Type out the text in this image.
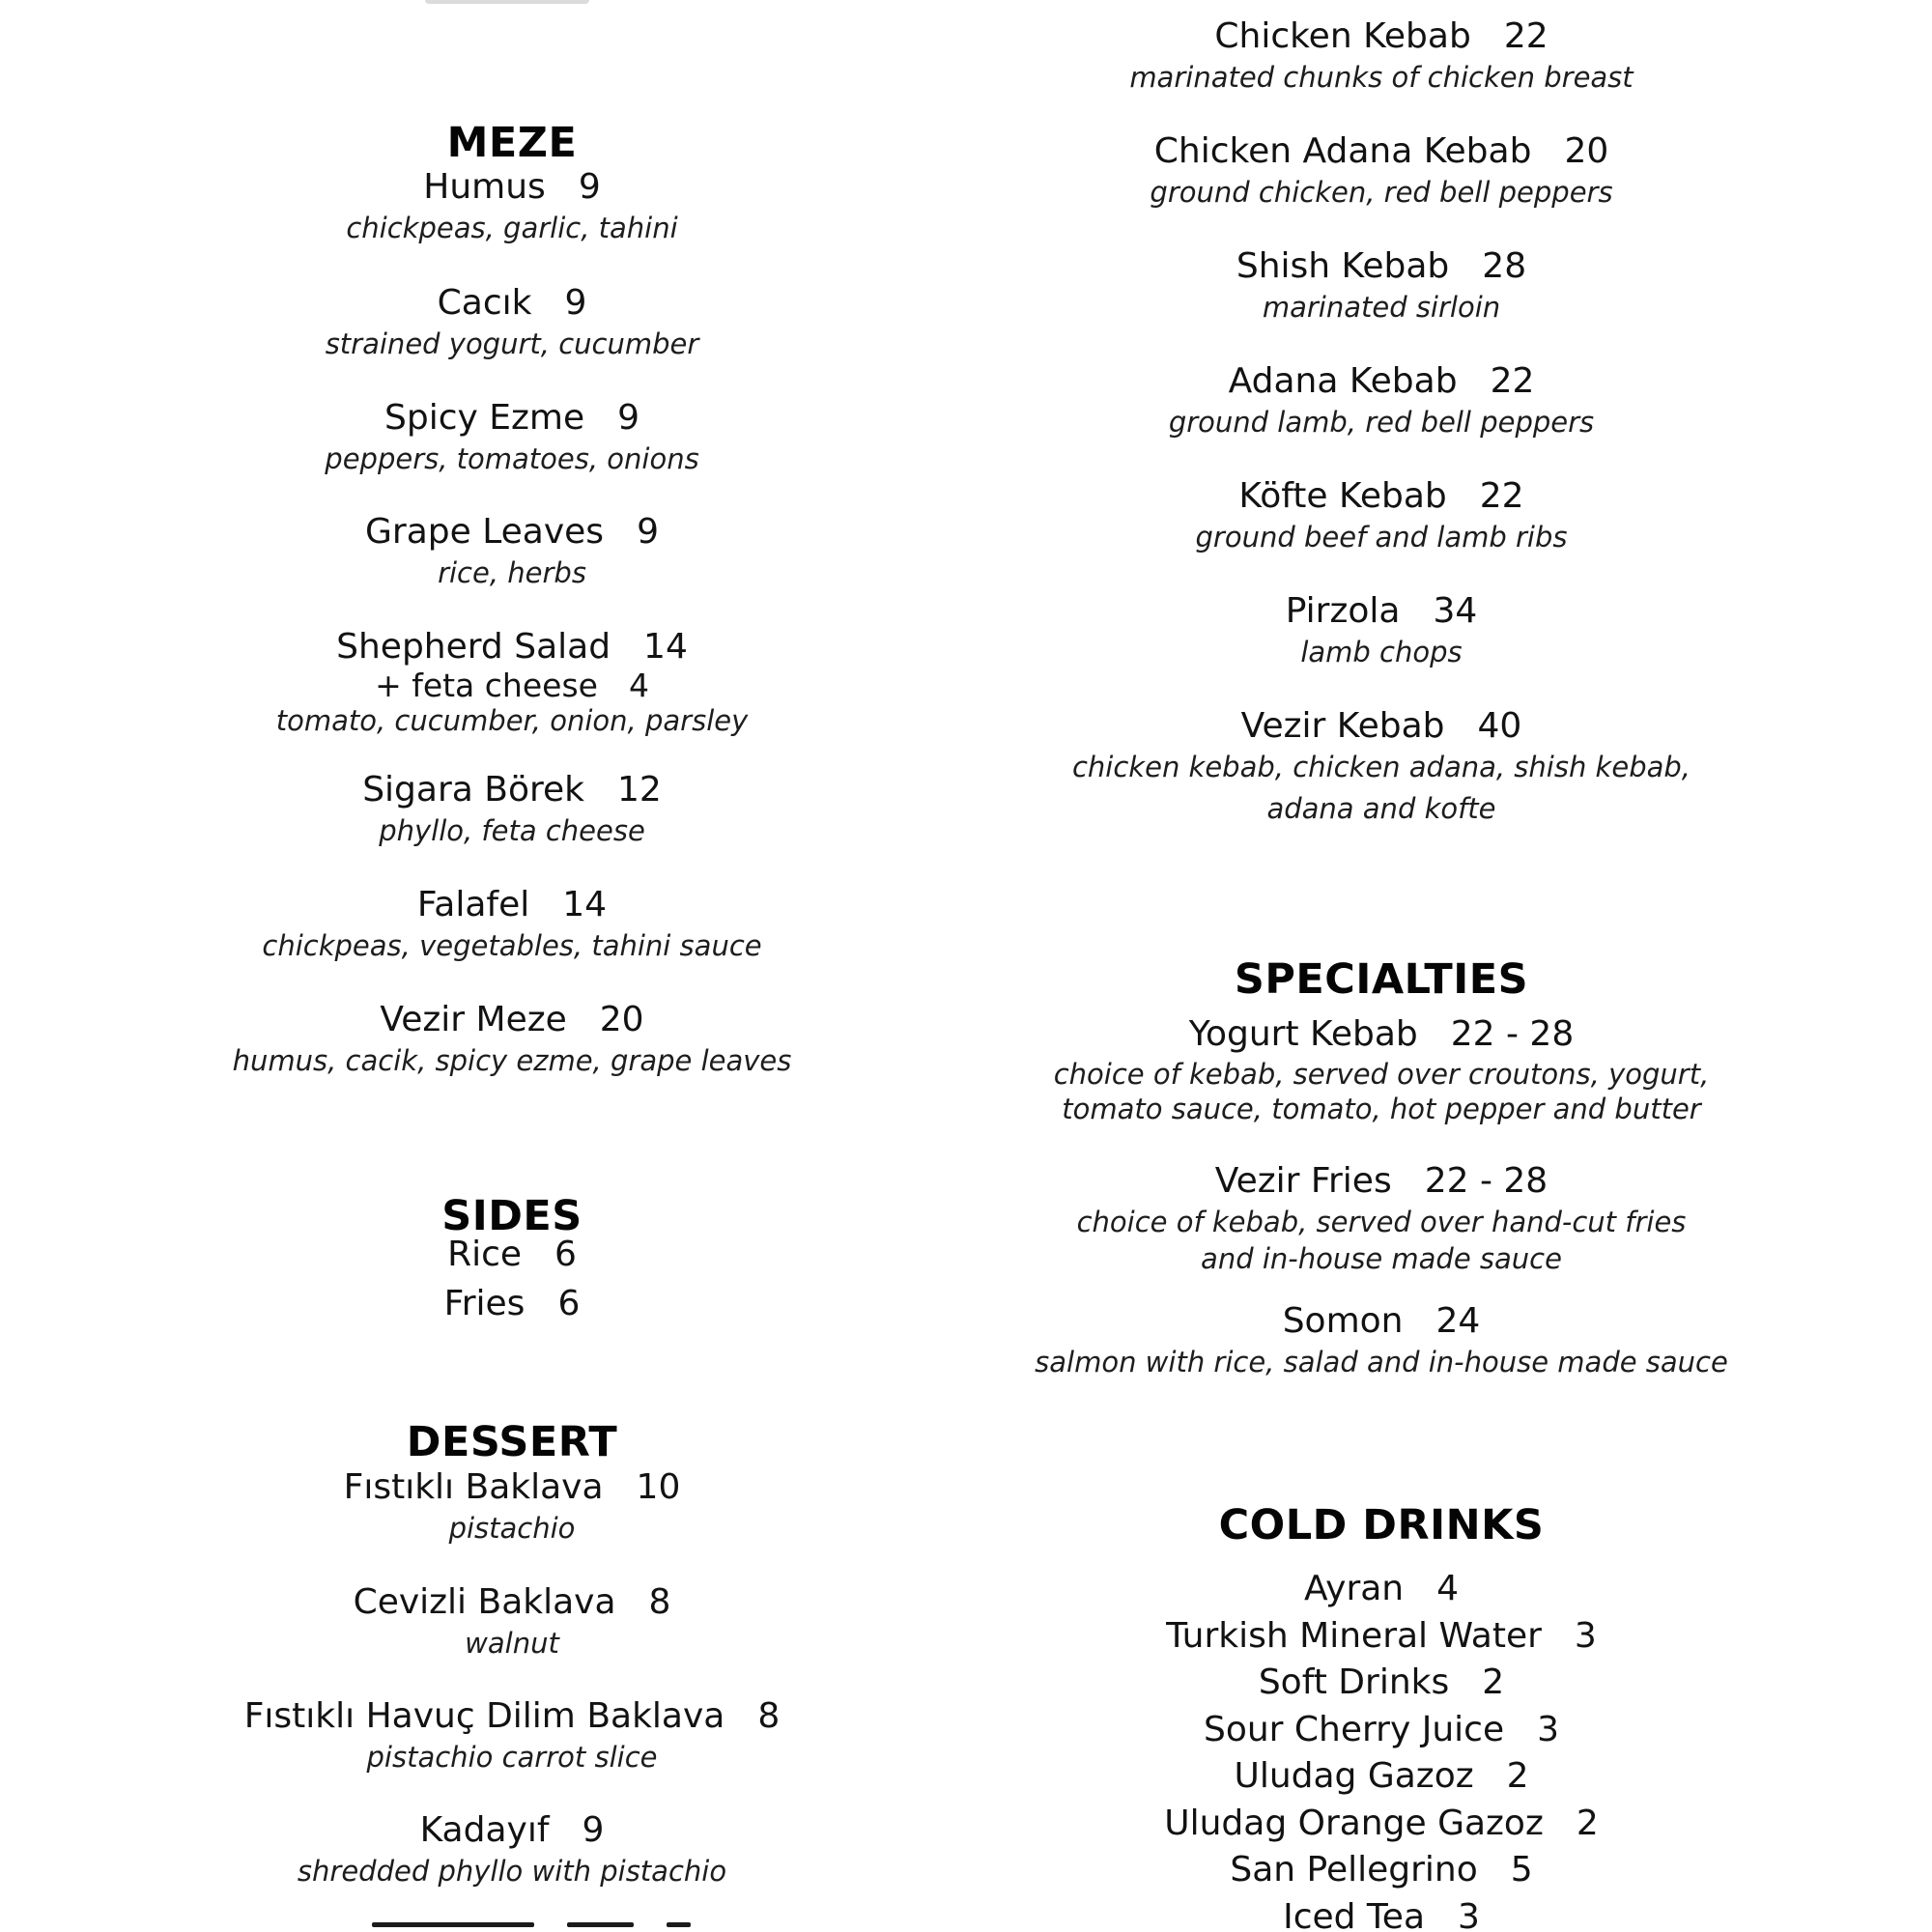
MEZE
Humus 9
chickpeas, garlic, tahini
Cacık 9
strained yogurt, cucumber
Spicy Ezme 9
peppers, tomatoes, onions
Grape Leaves 9
rice, herbs
Shepherd Salad 14
+ feta cheese 4
tomato, cucumber, onion, parsley
Sigara Börek 12
phyllo, feta cheese
Falafel 14
chickpeas, vegetables, tahini sauce
Vezir Meze 20
humus, cacik, spicy ezme, grape leaves
SIDES
Rice 6
Fries 6
DESSERT
Fıstıklı Baklava 10
pistachio
Cevizli Baklava 8
walnut
Fıstıklı Havuç Dilim Baklava 8
pistachio carrot slice
Kadayıf 9
shredded phyllo with pistachio
Chicken Kebab 22
marinated chunks of chicken breast
Chicken Adana Kebab 20
ground chicken, red bell peppers
Shish Kebab 28
marinated sirloin
Adana Kebab 22
ground lamb, red bell peppers
Köfte Kebab 22
ground beef and lamb ribs
Pirzola 34
lamb chops
Vezir Kebab 40
chicken kebab, chicken adana, shish kebab,
adana and kofte
SPECIALTIES
Yogurt Kebab 22 - 28
choice of kebab, served over croutons, yogurt,
tomato sauce, tomato, hot pepper and butter
Vezir Fries 22 - 28
choice of kebab, served over hand-cut fries
and in-house made sauce
Somon 24
salmon with rice, salad and in-house made sauce
COLD DRINKS
Ayran 4
Turkish Mineral Water 3
Soft Drinks 2
Sour Cherry Juice 3
Uludag Gazoz 2
Uludag Orange Gazoz 2
San Pellegrino 5
Iced Tea 3
